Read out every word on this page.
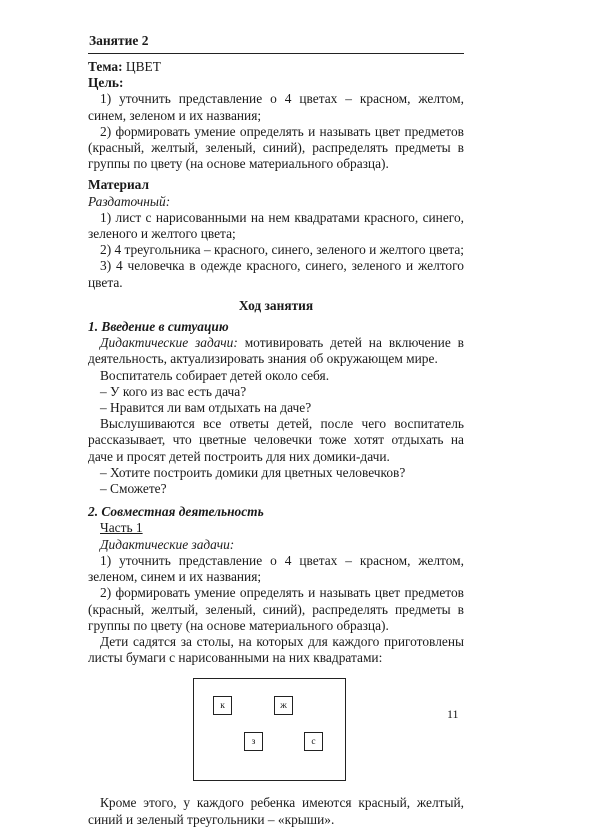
Занятие 2

Тема: ЦВЕТ

Цель:

1) уточнить представление о 4 цветах – красном, желтом, синем, зеленом и их названия;

2) формировать умение определять и называть цвет предметов (красный, желтый, зеленый, синий), распределять предметы в группы по цвету (на основе материального образца).

Материал

Раздаточный:

1) лист с нарисованными на нем квадратами красного, синего, зеленого и желтого цвета;

2) 4 треугольника – красного, синего, зеленого и желтого цвета;

3) 4 человечка в одежде красного, синего, зеленого и желтого цвета.

Ход занятия

1. Введение в ситуацию

Дидактические задачи: мотивировать детей на включение в деятельность, актуализировать знания об окружающем мире.

Воспитатель собирает детей около себя.

– У кого из вас есть дача?

– Нравится ли вам отдыхать на даче?

Выслушиваются все ответы детей, после чего воспитатель рассказывает, что цветные человечки тоже хотят отдыхать на даче и просят детей построить для них домики-дачи.

– Хотите построить домики для цветных человечков?

– Сможете?

2. Совместная деятельность

Часть 1

Дидактические задачи:

1) уточнить представление о 4 цветах – красном, желтом, зеленом, синем и их названия;

2) формировать умение определять и называть цвет предметов (красный, желтый, зеленый, синий), распределять предметы в группы по цвету (на основе материального образца).

Дети садятся за столы, на которых для каждого приготовлены листы бумаги с нарисованными на них квадратами:

к	ж
з	с

Кроме этого, у каждого ребенка имеются красный, желтый, синий и зеленый треугольники – «крыши».

11
